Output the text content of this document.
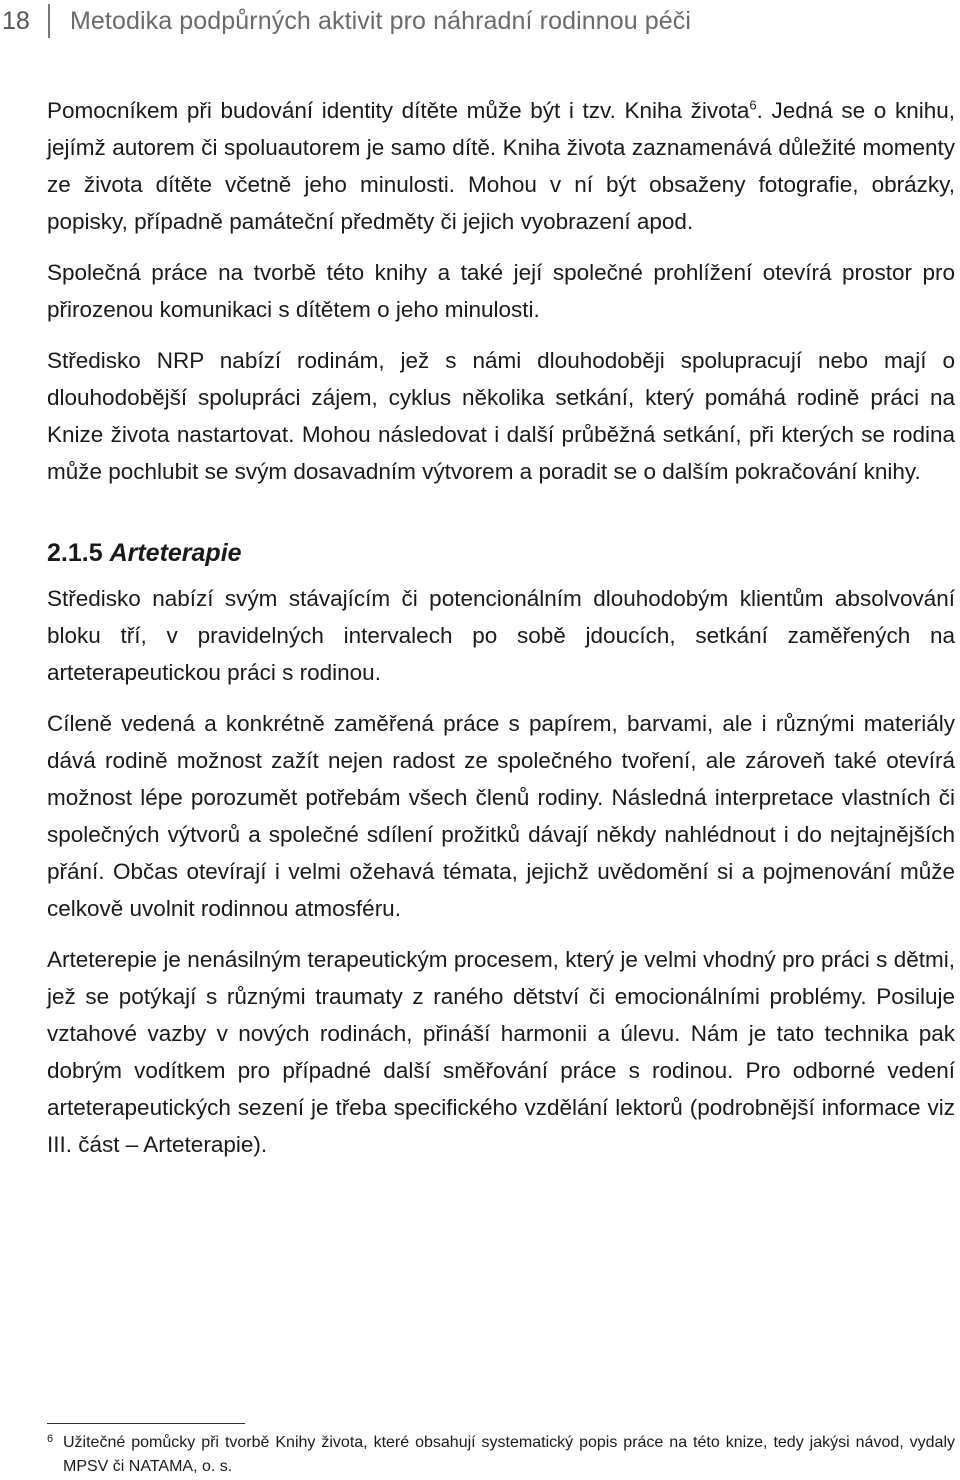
18	Metodika podpůrných aktivit pro náhradní rodinnou péči

Pomocníkem při budování identity dítěte může být i tzv. Kniha života$^6$. Jedná se o knihu, jejímž autorem či spoluautorem je samo dítě. Kniha života zaznamenává důležité momenty ze života dítěte včetně jeho minulosti. Mohou v ní být obsaženy fotografie, obrázky, popisky, případně památeční předměty či jejich vyobrazení apod.

Společná práce na tvorbě této knihy a také její společné prohlížení otevírá prostor pro přirozenou komunikaci s dítětem o jeho minulosti.

Středisko NRP nabízí rodinám, jež s námi dlouhodoběji spolupracují nebo mají o dlouhodobější spolupráci zájem, cyklus několika setkání, který pomáhá rodině práci na Knize života nastartovat. Mohou následovat i další průběžná setkání, při kterých se rodina může pochlubit se svým dosavadním výtvorem a poradit se o dalším pokračování knihy.

2.1.5 Arteterapie

Středisko nabízí svým stávajícím či potencionálním dlouhodobým klientům absolvování bloku tří, v pravidelných intervalech po sobě jdoucích, setkání zaměřených na arteterapeutickou práci s rodinou.

Cíleně vedená a konkrétně zaměřená práce s papírem, barvami, ale i různými materiály dává rodině možnost zažít nejen radost ze společného tvoření, ale zároveň také otevírá možnost lépe porozumět potřebám všech členů rodiny. Následná interpretace vlastních či společných výtvorů a společné sdílení prožitků dávají někdy nahlédnout i do nejtajnějších přání. Občas otevírají i velmi ožehavá témata, jejichž uvědomění si a pojmenování může celkově uvolnit rodinnou atmosféru.

Arteterepie je nenásilným terapeutickým procesem, který je velmi vhodný pro práci s dětmi, jež se potýkají s různými traumaty z raného dětství či emocionálními problémy. Posiluje vztahové vazby v nových rodinách, přináší harmonii a úlevu. Nám je tato technika pak dobrým vodítkem pro případné další směřování práce s rodinou. Pro odborné vedení arteterapeutických sezení je třeba specifického vzdělání lektorů (podrobnější informace viz III. část – Arteterapie).

6 Užitečné pomůcky při tvorbě Knihy života, které obsahují systematický popis práce na této knize, tedy jakýsi návod, vydaly MPSV či NATAMA, o. s.
